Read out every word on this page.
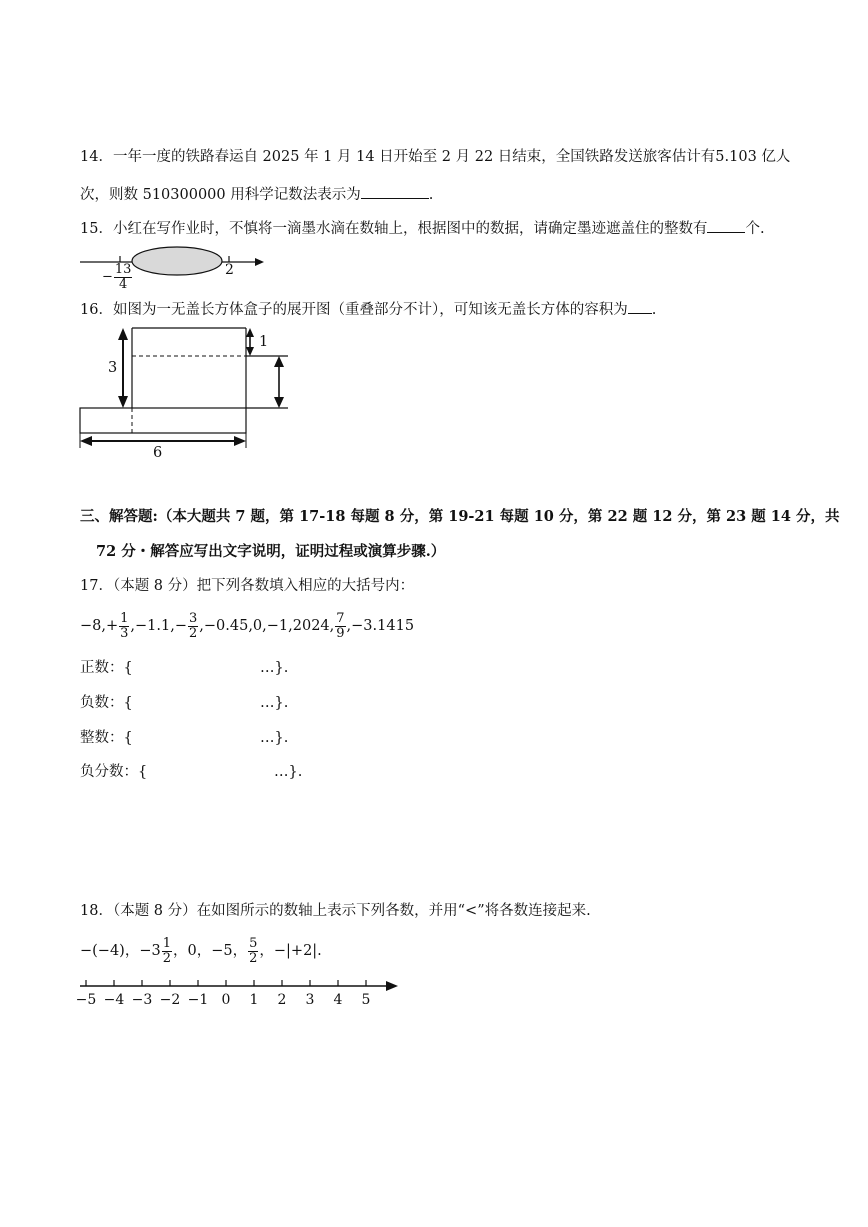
14．一年一度的铁路春运自 2025 年 1 月 14 日开始至 2 月 22 日结束，全国铁路发送旅客估计有5.103 亿人
次，则数 510300000 用科学记数法表示为	.
15．小红在写作业时，不慎将一滴墨水滴在数轴上，根据图中的数据，请确定墨迹遮盖住的整数有	个.
−5 −4 −3 −2 −1 0 1 2 3 4 5
− $\frac{13}{4}$	2
16．如图为一无盖长方体盒子的展开图（重叠部分不计），可知该无盖长方体的容积为 .
3
1
6
三、解答题:（本大题共 7 题，第 17-18 每题 8 分，第 19-21 每题 10 分，第 22 题 12 分，第 23 题 14 分，共
72 分・解答应写出文字说明，证明过程或演算步骤.）
17．（本题 8 分）把下列各数填入相应的大括号内：
$-8,+ \frac{1}{3} ,-1.1,- \frac{3}{2} ,-0.45,0,-1,2024$, $\frac{7}{9} ,-3.1415$
正数：{	…}.
负数：{	…}.
整数：{	…}.
负分数：{	…}.
18．（本题 8 分）在如图所示的数轴上表示下列各数，并用“<”将各数连接起来.
−(−4)，$-3 \frac{1}{2}$ ，0，−5， $\frac{5}{2}$ ，−|+2|.
